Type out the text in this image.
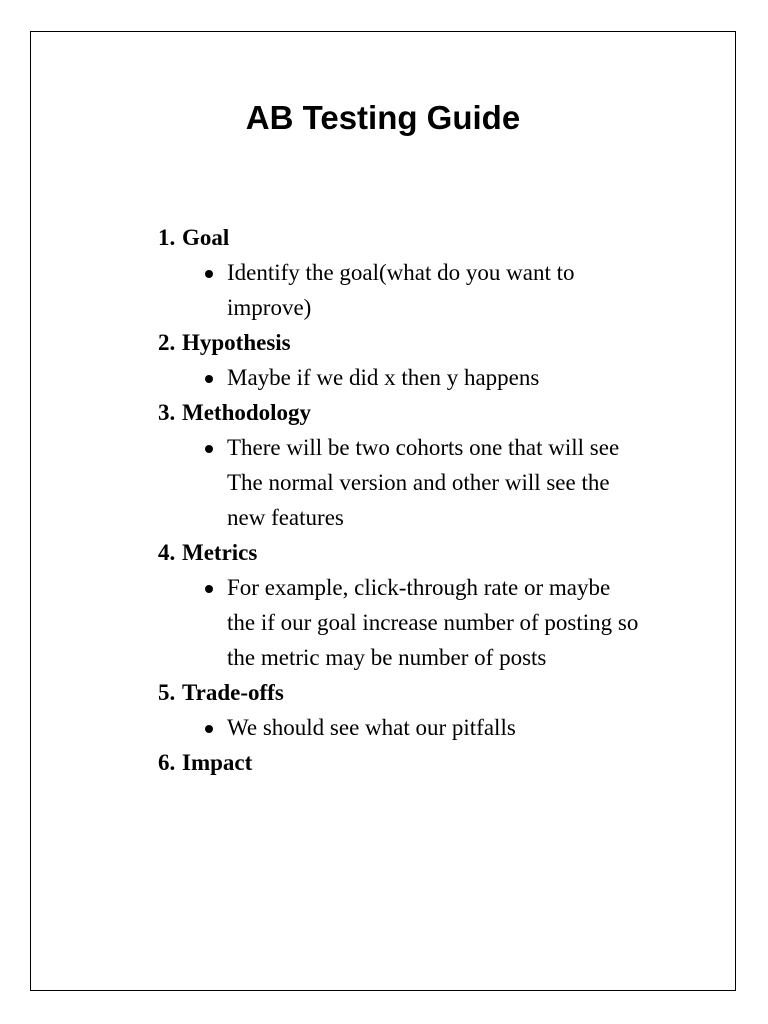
AB Testing Guide
1. Goal
Identify the goal(what do you want to
improve)
2. Hypothesis
Maybe if we did x then y happens
3. Methodology
There will be two cohorts one that will see
The normal version and other will see the
new features
4. Metrics
For example, click-through rate or maybe
the if our goal increase number of posting so
the metric may be number of posts
5. Trade-offs
We should see what our pitfalls
6. Impact
